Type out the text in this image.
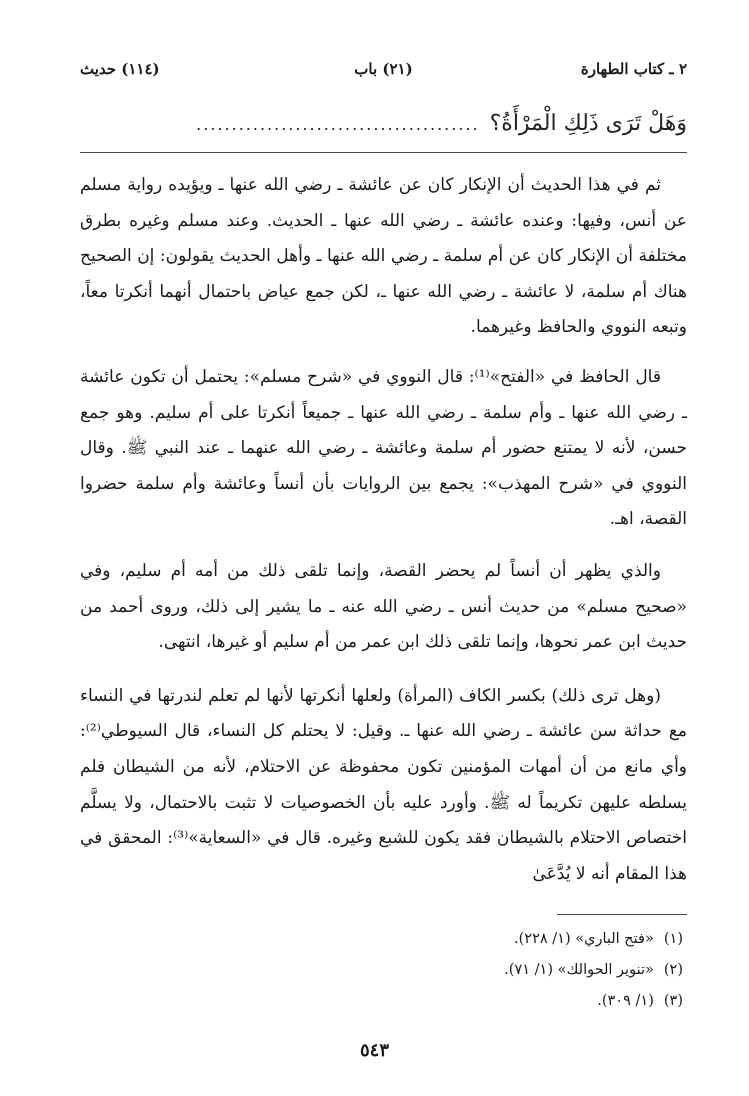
٢ ـ كتاب الطهارة
(٢١) باب
(١١٤) حديث
وَهَلْ تَرَى ذَلِكِ الْمَرْأَةُ؟
........................................

ثم في هذا الحديث أن الإنكار كان عن عائشة ـ رضي الله عنها ـ ويؤيده رواية مسلم عن أنس، وفيها: وعنده عائشة ـ رضي الله عنها ـ الحديث. وعند مسلم وغيره بطرق مختلفة أن الإنكار كان عن أم سلمة ـ رضي الله عنها ـ وأهل الحديث يقولون: إن الصحيح هناك أم سلمة، لا عائشة ـ رضي الله عنها ـ، لكن جمع عياض باحتمال أنهما أنكرتا معاً، وتبعه النووي والحافظ وغيرهما.

قال الحافظ في «الفتح»⁽¹⁾: قال النووي في «شرح مسلم»: يحتمل أن تكون عائشة ـ رضي الله عنها ـ وأم سلمة ـ رضي الله عنها ـ جميعاً أنكرتا على أم سليم. وهو جمع حسن، لأنه لا يمتنع حضور أم سلمة وعائشة ـ رضي الله عنهما ـ عند النبي ﷺ. وقال النووي في «شرح المهذب»: يجمع بين الروايات بأن أنساً وعائشة وأم سلمة حضروا القصة، اهـ.

والذي يظهر أن أنساً لم يحضر القصة، وإنما تلقى ذلك من أمه أم سليم، وفي «صحيح مسلم» من حديث أنس ـ رضي الله عنه ـ ما يشير إلى ذلك، وروى أحمد من حديث ابن عمر نحوها، وإنما تلقى ذلك ابن عمر من أم سليم أو غيرها، انتهى.

(وهل ترى ذلك) بكسر الكاف (المرأة) ولعلها أنكرتها لأنها لم تعلم لندرتها في النساء مع حداثة سن عائشة ـ رضي الله عنها ـ. وقيل: لا يحتلم كل النساء، قال السيوطي⁽²⁾: وأي مانع من أن أمهات المؤمنين تكون محفوظة عن الاحتلام، لأنه من الشيطان فلم يسلطه عليهن تكريماً له ﷺ. وأورد عليه بأن الخصوصيات لا تثبت بالاحتمال، ولا يسلَّم اختصاص الاحتلام بالشيطان فقد يكون للشبع وغيره. قال في «السعاية»⁽³⁾: المحقق في هذا المقام أنه لا يُدَّعَىٰ

(١)«فتح الباري» (١/ ٢٢٨).
(٢)«تنوير الحوالك» (١/ ٧١).
(٣)(١/ ٣٠٩).
٥٤٣
